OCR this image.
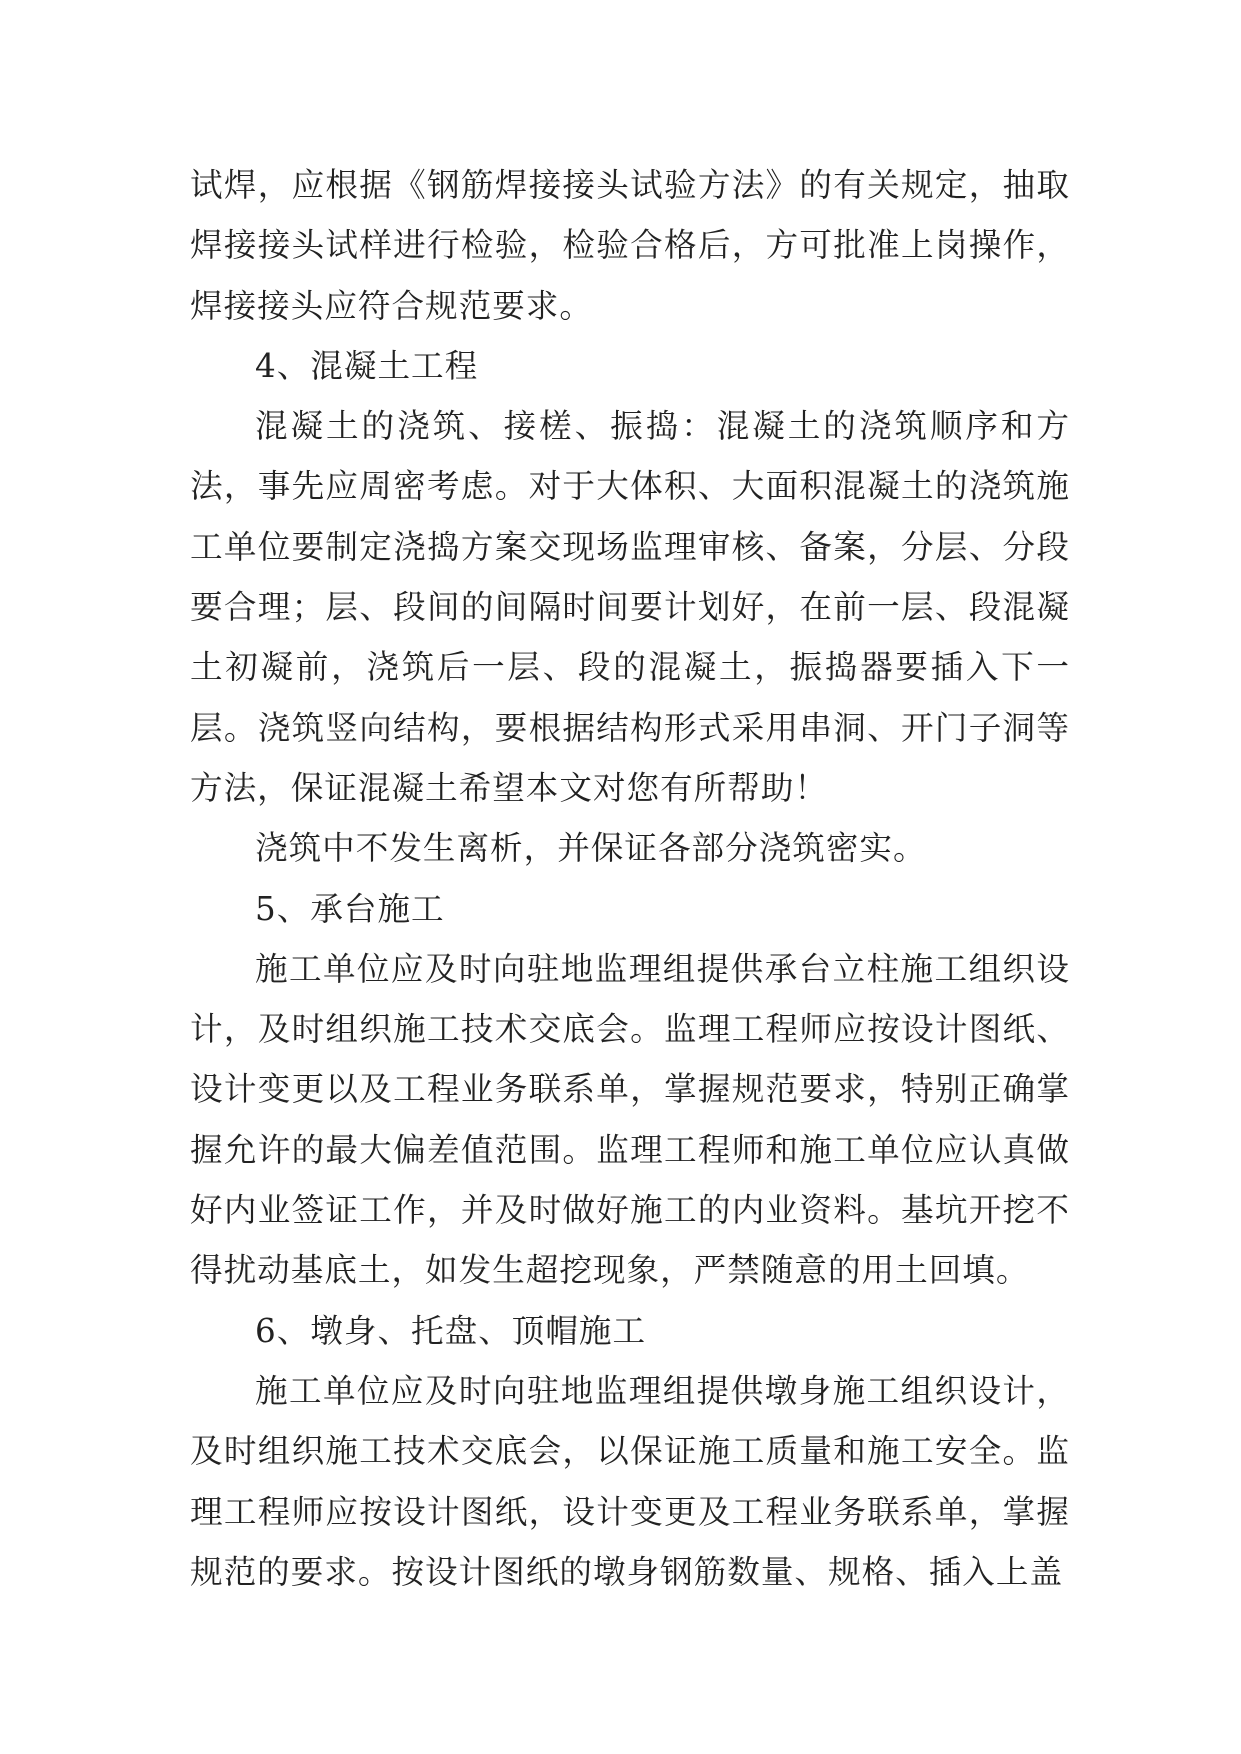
试焊，应根据《钢筋焊接接头试验方法》的有关规定，抽取焊接接头试样进行检验，检验合格后，方可批准上岗操作，焊接接头应符合规范要求。

4、混凝土工程

混凝土的浇筑、接槎、振捣：混凝土的浇筑顺序和方法，事先应周密考虑。对于大体积、大面积混凝土的浇筑施工单位要制定浇捣方案交现场监理审核、备案，分层、分段要合理；层、段间的间隔时间要计划好，在前一层、段混凝土初凝前，浇筑后一层、段的混凝土，振捣器要插入下一层。浇筑竖向结构，要根据结构形式采用串洞、开门子洞等方法，保证混凝土希望本文对您有所帮助！

浇筑中不发生离析，并保证各部分浇筑密实。

5、承台施工

施工单位应及时向驻地监理组提供承台立柱施工组织设计，及时组织施工技术交底会。监理工程师应按设计图纸、设计变更以及工程业务联系单，掌握规范要求，特别正确掌握允许的最大偏差值范围。监理工程师和施工单位应认真做好内业签证工作，并及时做好施工的内业资料。基坑开挖不得扰动基底土，如发生超挖现象，严禁随意的用土回填。

6、墩身、托盘、顶帽施工

施工单位应及时向驻地监理组提供墩身施工组织设计，及时组织施工技术交底会，以保证施工质量和施工安全。监理工程师应按设计图纸，设计变更及工程业务联系单，掌握规范的要求。按设计图纸的墩身钢筋数量、规格、插入上盖
